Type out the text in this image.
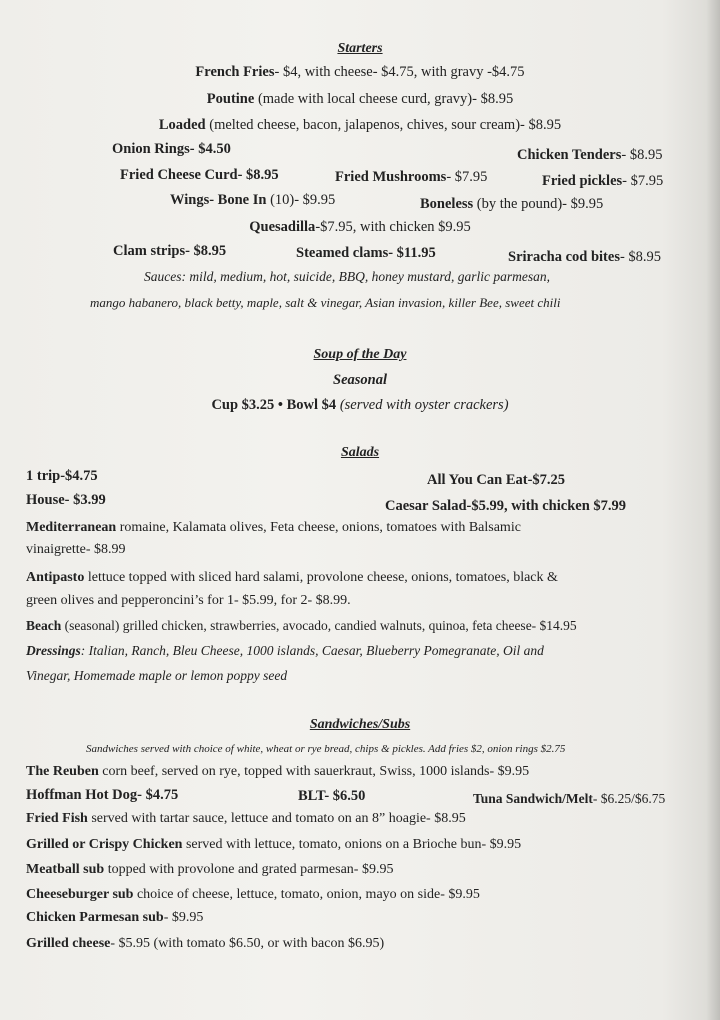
Starters
French Fries- $4, with cheese- $4.75, with gravy -$4.75
Poutine (made with local cheese curd, gravy)- $8.95
Loaded (melted cheese, bacon, jalapenos, chives, sour cream)- $8.95
Onion Rings- $4.50	Chicken Tenders- $8.95
Fried Cheese Curd- $8.95	Fried Mushrooms- $7.95	Fried pickles- $7.95
Wings- Bone In (10)- $9.95	Boneless (by the pound)- $9.95
Quesadilla-$7.95, with chicken $9.95
Clam strips- $8.95	Steamed clams- $11.95	Sriracha cod bites- $8.95
Sauces: mild, medium, hot, suicide, BBQ, honey mustard, garlic parmesan,
mango habanero, black betty, maple, salt & vinegar, Asian invasion, killer Bee, sweet chili
Soup of the Day
Seasonal
Cup $3.25 • Bowl $4 (served with oyster crackers)
Salads
1 trip-$4.75	All You Can Eat-$7.25
House- $3.99	Caesar Salad-$5.99, with chicken $7.99
Mediterranean romaine, Kalamata olives, Feta cheese, onions, tomatoes with Balsamic
vinaigrette- $8.99
Antipasto lettuce topped with sliced hard salami, provolone cheese, onions, tomatoes, black &
green olives and pepperoncini’s for 1- $5.99, for 2- $8.99.
Beach (seasonal) grilled chicken, strawberries, avocado, candied walnuts, quinoa, feta cheese- $14.95
Dressings: Italian, Ranch, Bleu Cheese, 1000 islands, Caesar, Blueberry Pomegranate, Oil and
Vinegar, Homemade maple or lemon poppy seed
Sandwiches/Subs
Sandwiches served with choice of white, wheat or rye bread, chips & pickles. Add fries $2, onion rings $2.75
The Reuben corn beef, served on rye, topped with sauerkraut, Swiss, 1000 islands- $9.95
Hoffman Hot Dog- $4.75	BLT- $6.50	Tuna Sandwich/Melt- $6.25/$6.75
Fried Fish served with tartar sauce, lettuce and tomato on an 8” hoagie- $8.95
Grilled or Crispy Chicken served with lettuce, tomato, onions on a Brioche bun- $9.95
Meatball sub topped with provolone and grated parmesan- $9.95
Cheeseburger sub choice of cheese, lettuce, tomato, onion, mayo on side- $9.95
Chicken Parmesan sub- $9.95
Grilled cheese- $5.95 (with tomato $6.50, or with bacon $6.95)
